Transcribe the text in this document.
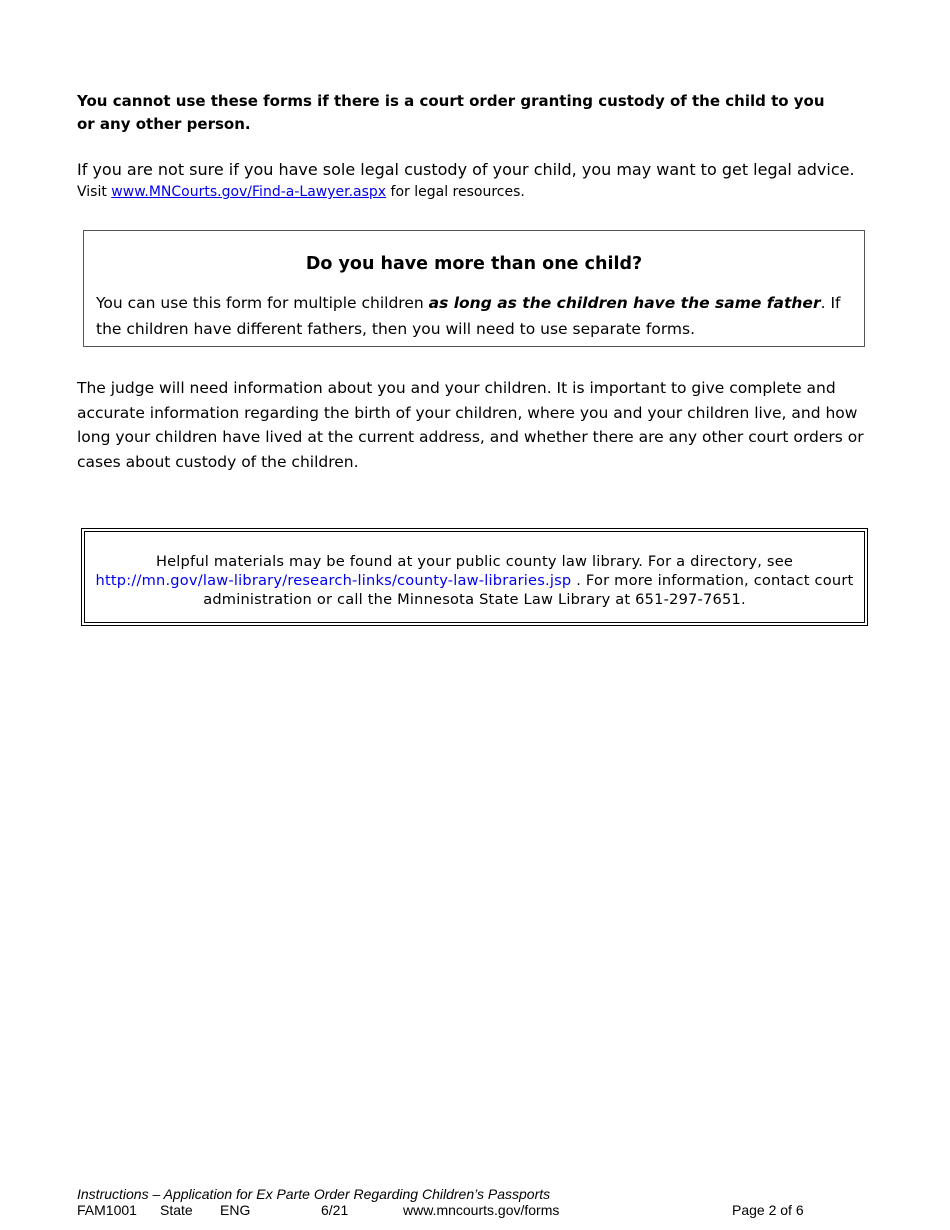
You cannot use these forms if there is a court order granting custody of the child to you or any other person.
If you are not sure if you have sole legal custody of your child, you may want to get legal advice.
Visit www.MNCourts.gov/Find-a-Lawyer.aspx for legal resources.
Do you have more than one child?
You can use this form for multiple children as long as the children have the same father. If the children have different fathers, then you will need to use separate forms.
The judge will need information about you and your children. It is important to give complete and accurate information regarding the birth of your children, where you and your children live, and how long your children have lived at the current address, and whether there are any other court orders or cases about custody of the children.
Helpful materials may be found at your public county law library. For a directory, see
http://mn.gov/law-library/research-links/county-law-libraries.jsp . For more information, contact court administration or call the Minnesota State Law Library at 651-297-7651.
Instructions – Application for Ex Parte Order Regarding Children’s Passports
FAM1001 State ENG	6/21	www.mncourts.gov/forms	Page 2 of 6
